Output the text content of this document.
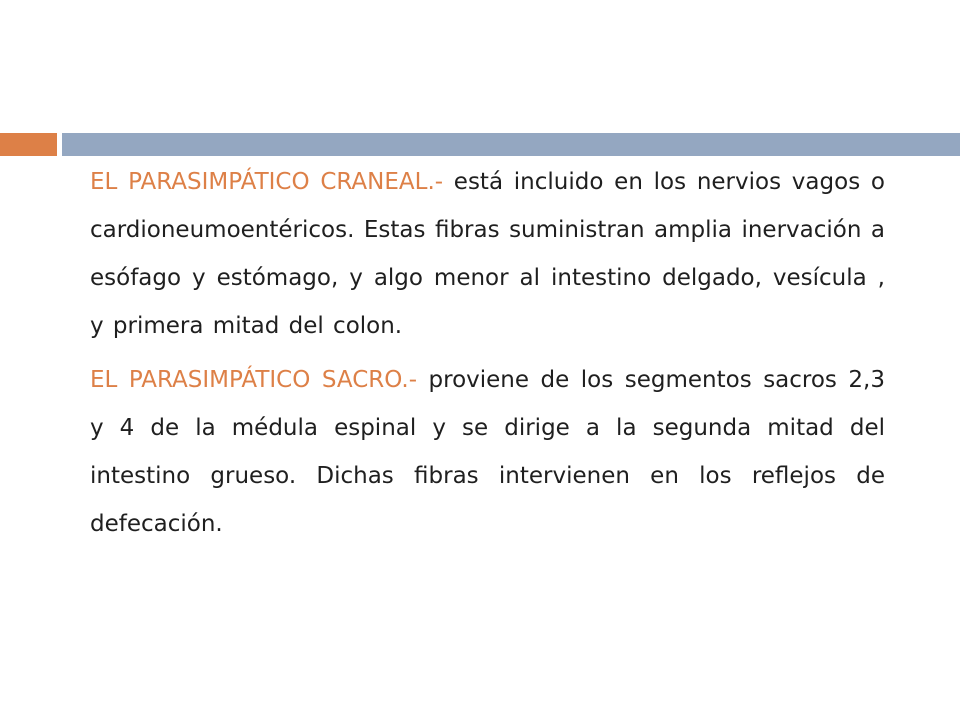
EL PARASIMPÁTICO CRANEAL.- está incluido en los nervios vagos o cardioneumoentéricos. Estas fibras suministran amplia inervación a esófago y estómago, y algo menor al intestino delgado, vesícula , y primera mitad del colon.

EL PARASIMPÁTICO SACRO.- proviene de los segmentos sacros 2,3 y 4 de la médula espinal y se dirige a la segunda mitad del intestino grueso. Dichas fibras intervienen en los reflejos de defecación.
